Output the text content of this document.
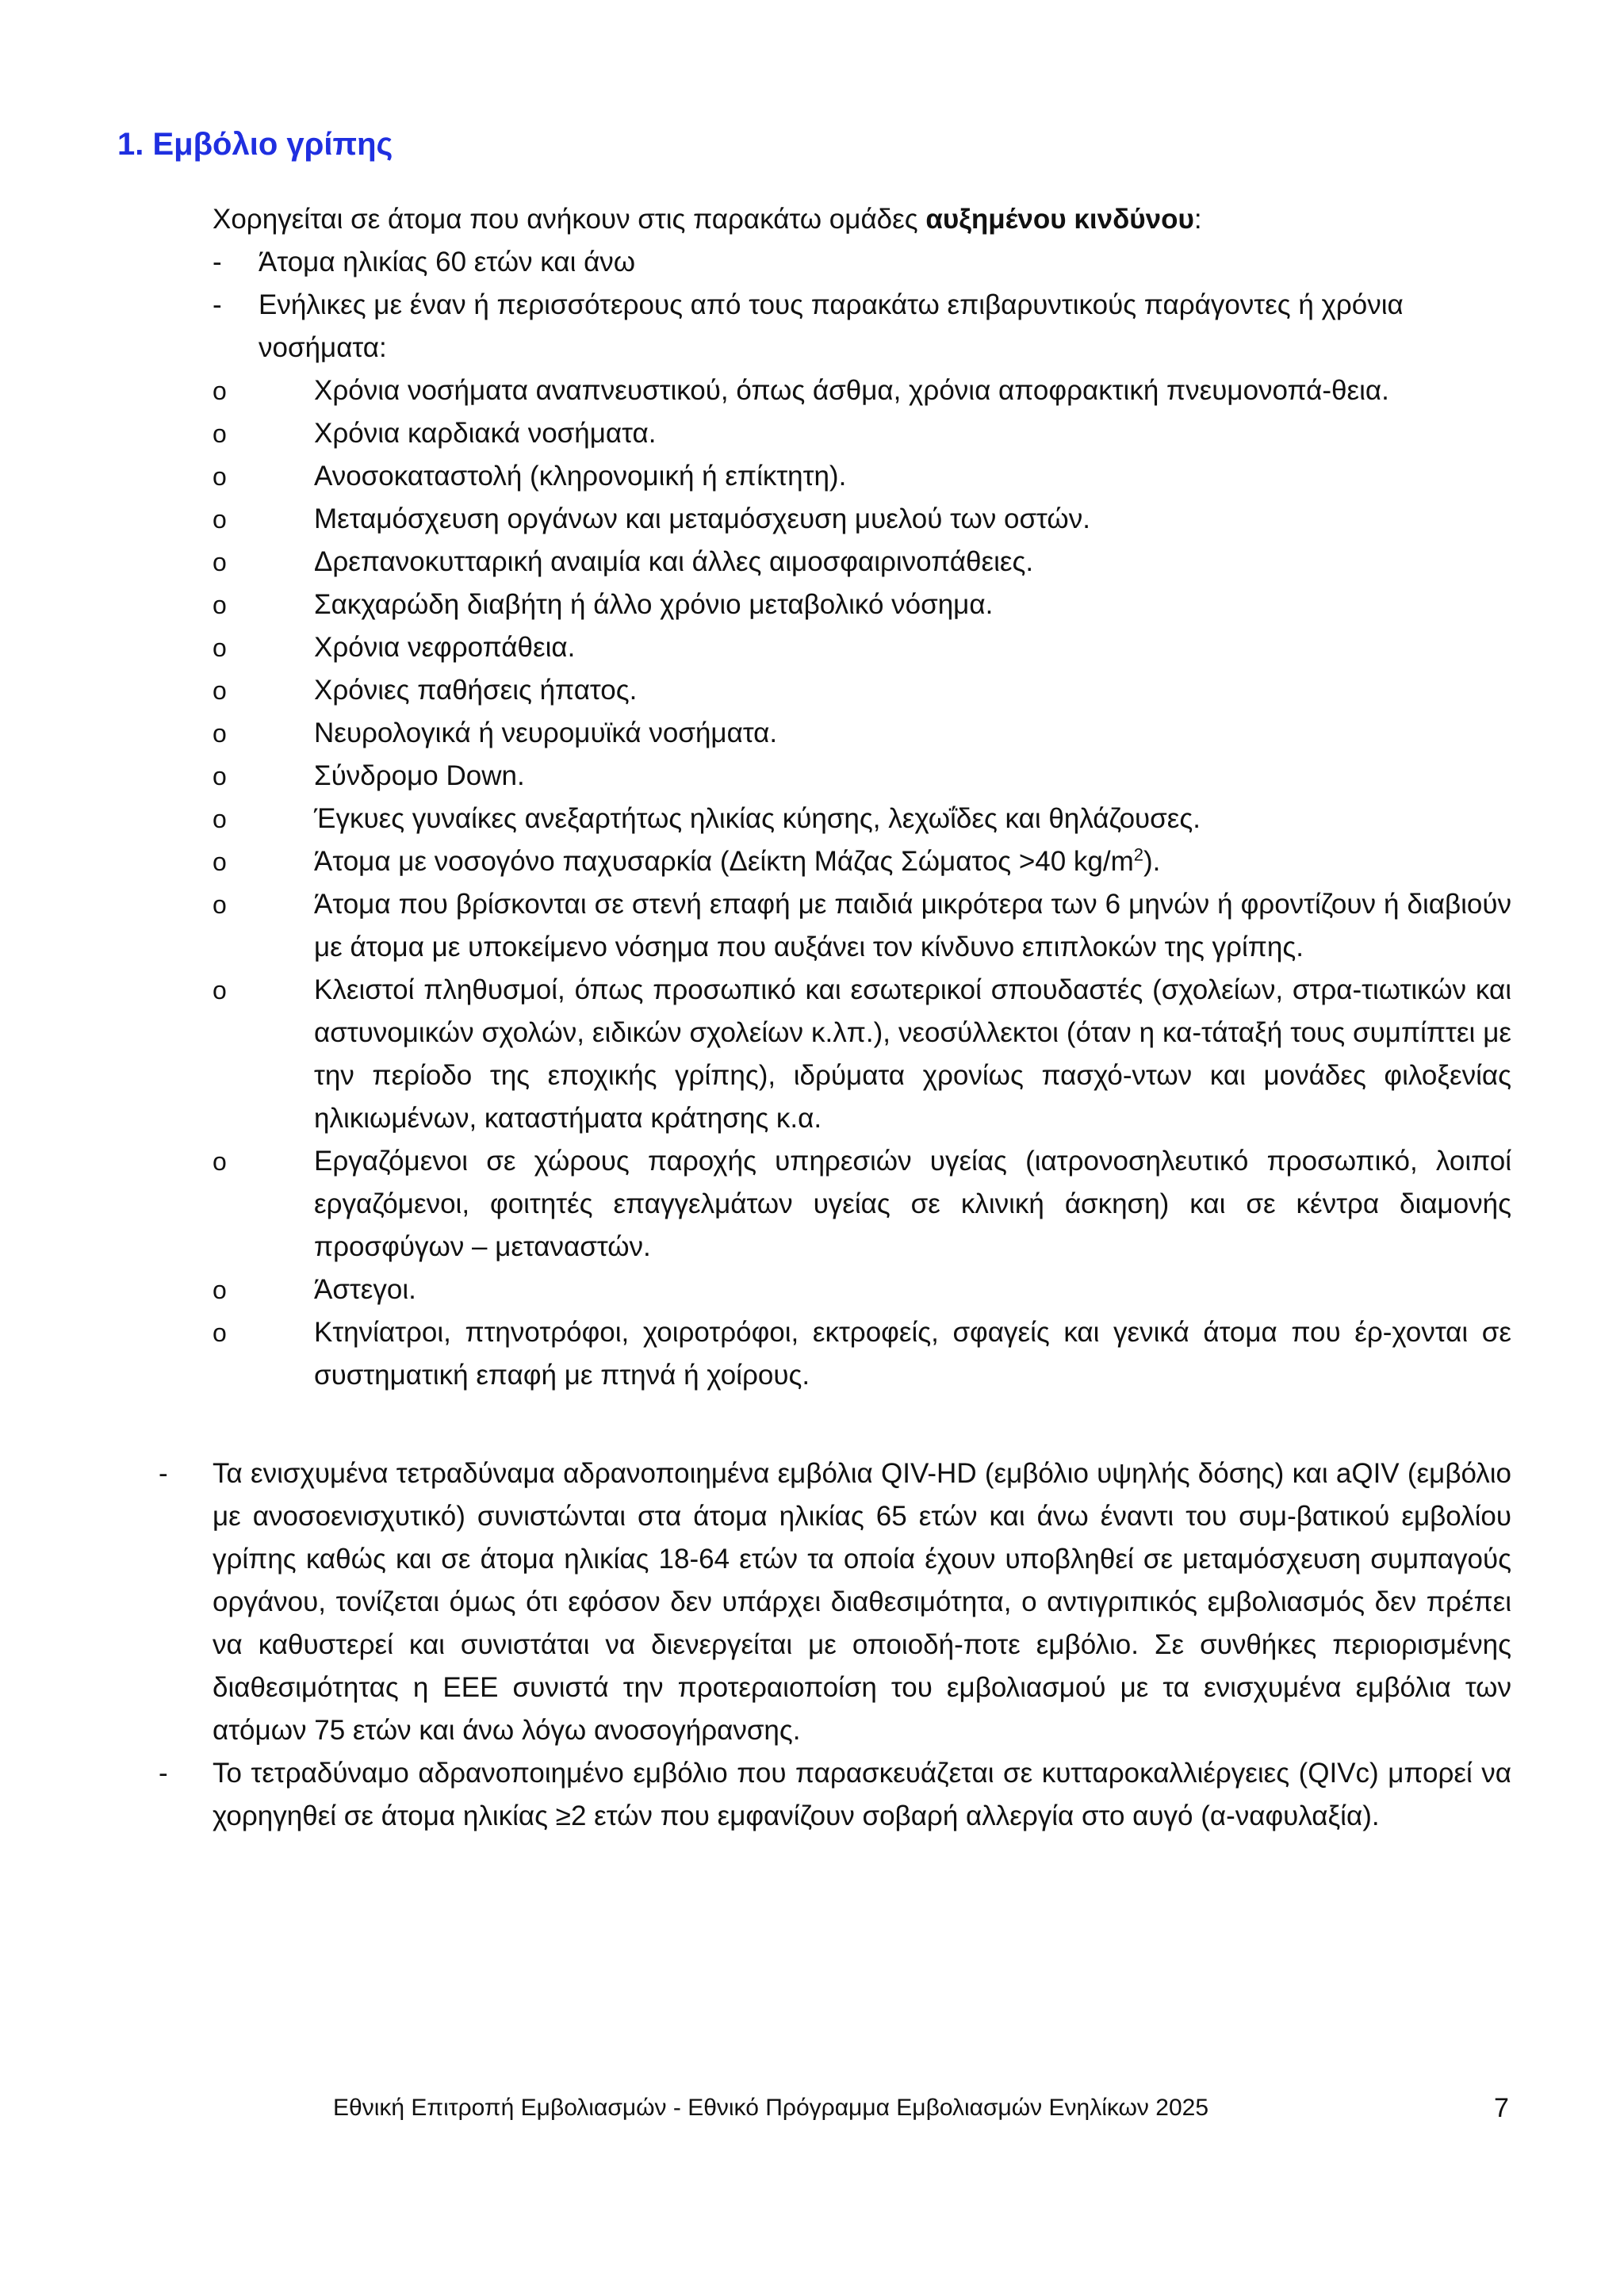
1. Εμβόλιο γρίπης
Χορηγείται σε άτομα που ανήκουν στις παρακάτω ομάδες αυξημένου κινδύνου:
- Άτομα ηλικίας 60 ετών και άνω
- Ενήλικες με έναν ή περισσότερους από τους παρακάτω επιβαρυντικούς παράγοντες ή χρόνια νοσήματα:
o	Χρόνια νοσήματα αναπνευστικού, όπως άσθμα, χρόνια αποφρακτική πνευμονοπά-θεια.
o	Χρόνια καρδιακά νοσήματα.
o	Ανοσοκαταστολή (κληρονομική ή επίκτητη).
o	Μεταμόσχευση οργάνων και μεταμόσχευση μυελού των οστών.
o	Δρεπανοκυτταρική αναιμία και άλλες αιμοσφαιρινοπάθειες.
o	Σακχαρώδη διαβήτη ή άλλο χρόνιο μεταβολικό νόσημα.
o	Χρόνια νεφροπάθεια.
o	Χρόνιες παθήσεις ήπατος.
o	Νευρολογικά ή νευρομυϊκά νοσήματα.
o	Σύνδρομο Down.
o	Έγκυες γυναίκες ανεξαρτήτως ηλικίας κύησης, λεχωΐδες και θηλάζουσες.
o	Άτομα με νοσογόνο παχυσαρκία (Δείκτη Μάζας Σώματος >40 $kg/m^2$).
o	Άτομα που βρίσκονται σε στενή επαφή με παιδιά μικρότερα των 6 μηνών ή φροντίζουν ή διαβιούν με άτομα με υποκείμενο νόσημα που αυξάνει τον κίνδυνο επιπλοκών της γρίπης.
o	Κλειστοί πληθυσμοί, όπως προσωπικό και εσωτερικοί σπουδαστές (σχολείων, στρα-τιωτικών και αστυνομικών σχολών, ειδικών σχολείων κ.λπ.), νεοσύλλεκτοι (όταν η κα-τάταξή τους συμπίπτει με την περίοδο της εποχικής γρίπης), ιδρύματα χρονίως πασχό-ντων και μονάδες φιλοξενίας ηλικιωμένων, καταστήματα κράτησης κ.α.
o	Εργαζόμενοι σε χώρους παροχής υπηρεσιών υγείας (ιατρονοσηλευτικό προσωπικό, λοιποί εργαζόμενοι, φοιτητές επαγγελμάτων υγείας σε κλινική άσκηση) και σε κέντρα διαμονής προσφύγων – μεταναστών.
o	Άστεγοι.
o	Κτηνίατροι, πτηνοτρόφοι, χοιροτρόφοι, εκτροφείς, σφαγείς και γενικά άτομα που έρ-χονται σε συστηματική επαφή με πτηνά ή χοίρους.
- Τα ενισχυμένα τετραδύναμα αδρανοποιημένα εμβόλια QIV-HD (εμβόλιο υψηλής δόσης) και aQIV (εμβόλιο με ανοσοενισχυτικό) συνιστώνται στα άτομα ηλικίας 65 ετών και άνω έναντι του συμ-βατικού εμβολίου γρίπης καθώς και σε άτομα ηλικίας 18-64 ετών τα οποία έχουν υποβληθεί σε μεταμόσχευση συμπαγούς οργάνου, τονίζεται όμως ότι εφόσον δεν υπάρχει διαθεσιμότητα, ο αντιγριπικός εμβολιασμός δεν πρέπει να καθυστερεί και συνιστάται να διενεργείται με οποιοδή-ποτε εμβόλιο. Σε συνθήκες περιορισμένης διαθεσιμότητας η ΕΕΕ συνιστά την προτεραιοποίση του εμβολιασμού με τα ενισχυμένα εμβόλια των ατόμων 75 ετών και άνω λόγω ανοσογήρανσης.
- Το τετραδύναμο αδρανοποιημένο εμβόλιο που παρασκευάζεται σε κυτταροκαλλιέργειες (QIVc) μπορεί να χορηγηθεί σε άτομα ηλικίας ≥2 ετών που εμφανίζουν σοβαρή αλλεργία στο αυγό (α-ναφυλαξία).
Εθνική Επιτροπή Εμβολιασμών - Εθνικό Πρόγραμμα Εμβολιασμών Ενηλίκων 2025	7
